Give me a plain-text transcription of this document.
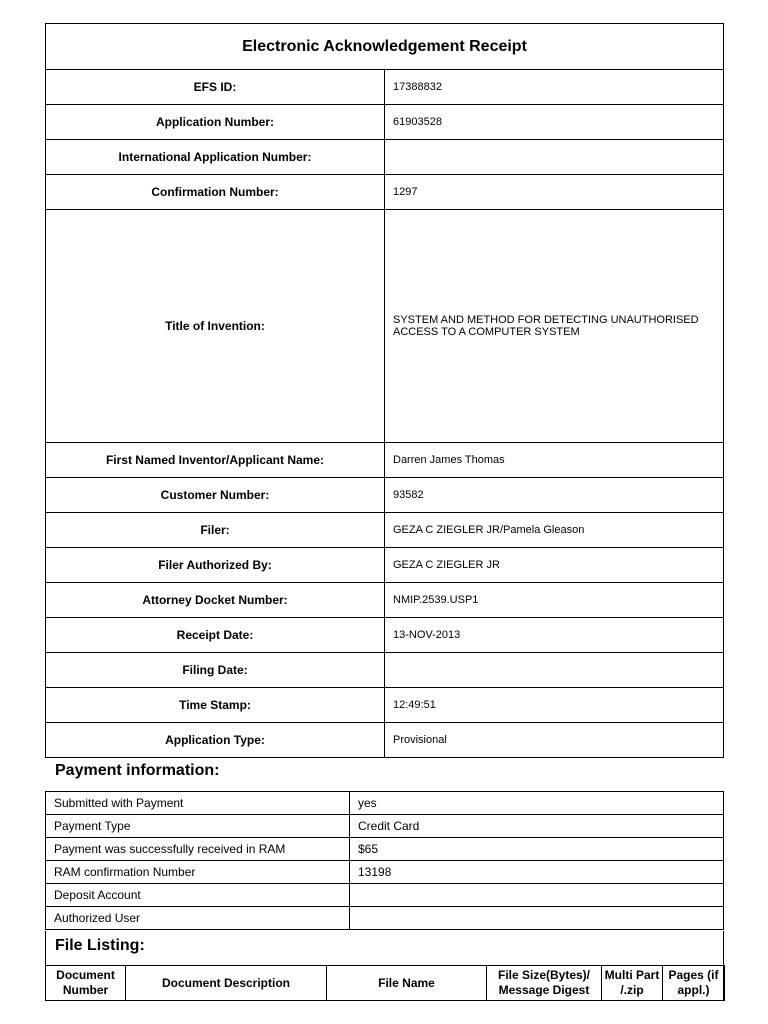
Electronic Acknowledgement Receipt	
EFS ID:	17388832
Application Number:	61903528
International Application Number:	
Confirmation Number:	1297
Title of Invention:	SYSTEM AND METHOD FOR DETECTING UNAUTHORISED ACCESS TO A COMPUTER SYSTEM
First Named Inventor/Applicant Name:	Darren James Thomas
Customer Number:	93582
Filer:	GEZA C ZIEGLER JR/Pamela Gleason
Filer Authorized By:	GEZA C ZIEGLER JR
Attorney Docket Number:	NMIP.2539.USP1
Receipt Date:	13-NOV-2013
Filing Date:	
Time Stamp:	12:49:51
Application Type:	Provisional
Payment information:
Submitted with Payment	yes
Payment Type	Credit Card
Payment was successfully received in RAM	$65
RAM confirmation Number	13198
Deposit Account	
Authorized User	
File Listing:
Document Number	Document Description	File Name	File Size(Bytes)/ Message Digest	Multi Part /.zip	Pages (if appl.)
